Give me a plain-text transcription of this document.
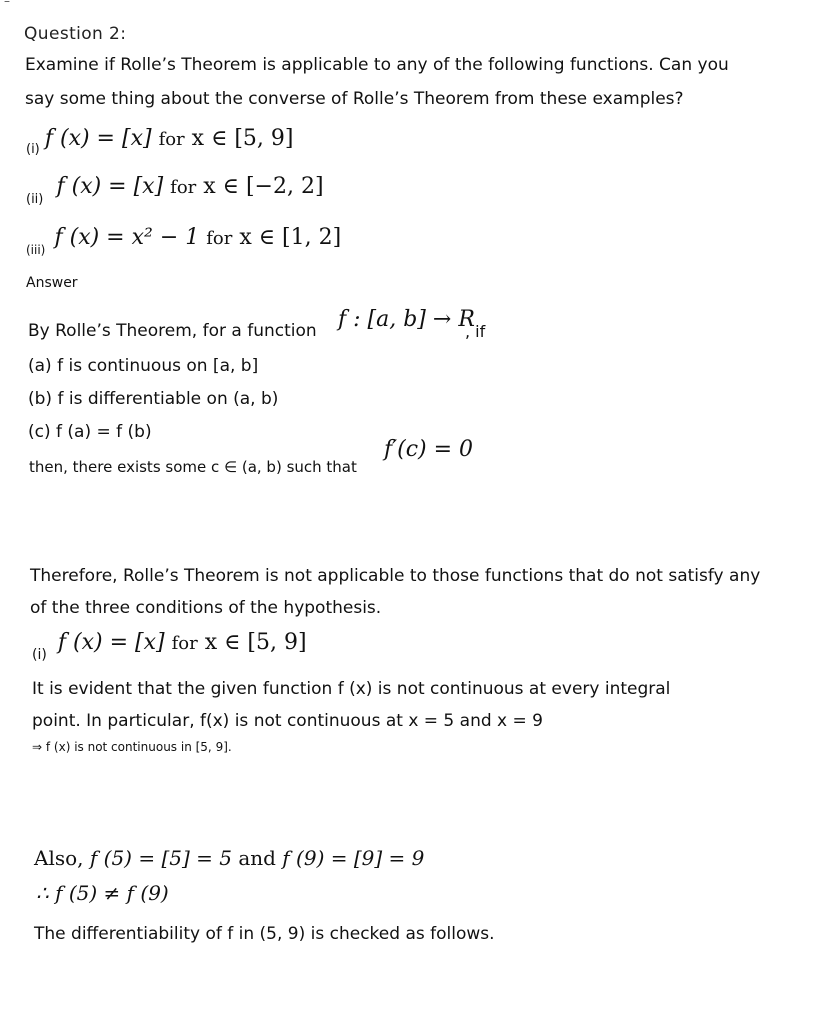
–
Question 2:
Examine if Rolle’s Theorem is applicable to any of the following functions. Can you
say some thing about the converse of Rolle’s Theorem from these examples?
$_{(i)}$ f (x) = [x] for x ∈ [5, 9]
$_{(ii)}$ f (x) = [x] for x ∈ [−2, 2]
$_{(iii)}$ f (x) = x² − 1 for x ∈ [1, 2]
Answer
By Rolle’s Theorem, for a function f : [a, b] → R
, if
(a) f is continuous on [a, b]
(b) f is differentiable on (a, b)
(c) f (a) = f (b)
then, there exists some c ∈ (a, b) such that
f′(c) = 0
Therefore, Rolle’s Theorem is not applicable to those functions that do not satisfy any
of the three conditions of the hypothesis.
(i) f (x) = [x] for x ∈ [5, 9]
It is evident that the given function f (x) is not continuous at every integral
point. In particular, f(x) is not continuous at x = 5 and x = 9
⇒ f (x) is not continuous in [5, 9].
Also, f (5) = [5] = 5 and f (9) = [9] = 9
∴ f (5) ≠ f (9)
The differentiability of f in (5, 9) is checked as follows.
